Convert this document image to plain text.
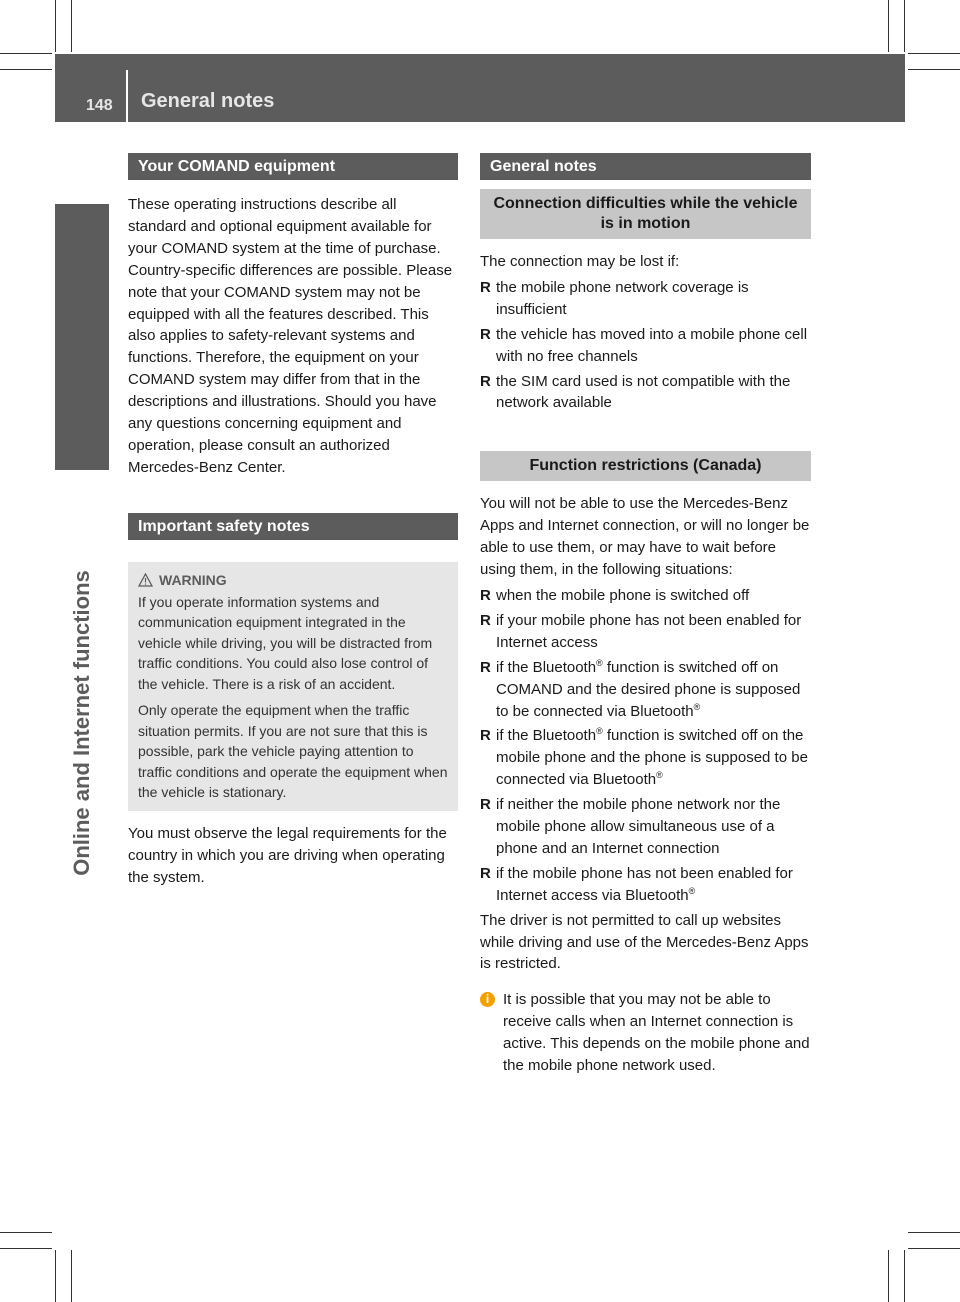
148 General notes
Online and Internet functions
Your COMAND equipment

These operating instructions describe all standard and optional equipment available for your COMAND system at the time of purchase. Country-specific differences are possible. Please note that your COMAND system may not be equipped with all the features described. This also applies to safety-relevant systems and functions. Therefore, the equipment on your COMAND system may differ from that in the descriptions and illustrations. Should you have any questions concerning equipment and operation, please consult an authorized Mercedes-Benz Center.

Important safety notes
WARNING

If you operate information systems and communication equipment integrated in the vehicle while driving, you will be distracted from traffic conditions. You could also lose control of the vehicle. There is a risk of an accident.

Only operate the equipment when the traffic situation permits. If you are not sure that this is possible, park the vehicle paying attention to traffic conditions and operate the equipment when the vehicle is stationary.

You must observe the legal requirements for the country in which you are driving when operating the system.

General notes
Connection difficulties while the vehicle is in motion

The connection may be lost if:

R the mobile phone network coverage is insufficient
R the vehicle has moved into a mobile phone cell with no free channels
R the SIM card used is not compatible with the network available
Function restrictions (Canada)

You will not be able to use the Mercedes-Benz Apps and Internet connection, or will no longer be able to use them, or may have to wait before using them, in the following situations:

R when the mobile phone is switched off
R if your mobile phone has not been enabled for Internet access
R if the Bluetooth® function is switched off on COMAND and the desired phone is supposed to be connected via Bluetooth®
R if the Bluetooth® function is switched off on the mobile phone and the phone is supposed to be connected via Bluetooth®
R if neither the mobile phone network nor the mobile phone allow simultaneous use of a phone and an Internet connection
R if the mobile phone has not been enabled for Internet access via Bluetooth®

The driver is not permitted to call up websites while driving and use of the Mercedes-Benz Apps is restricted.

i It is possible that you may not be able to receive calls when an Internet connection is active. This depends on the mobile phone and the mobile phone network used.
